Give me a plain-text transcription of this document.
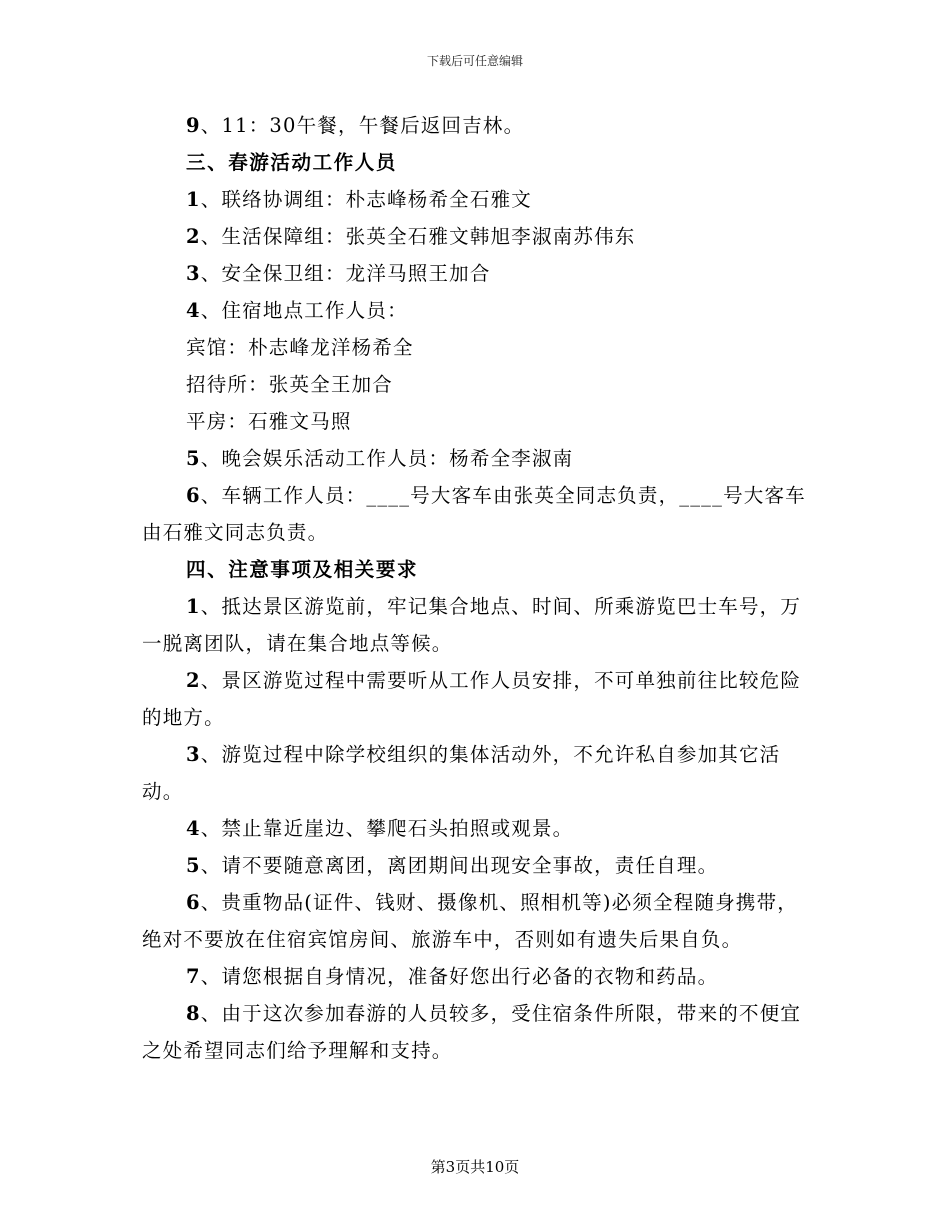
下载后可任意编辑

9、11：30午餐，午餐后返回吉林。

三、春游活动工作人员

1、联络协调组：朴志峰杨希全石雅文

2、生活保障组：张英全石雅文韩旭李淑南苏伟东

3、安全保卫组：龙洋马照王加合

4、住宿地点工作人员：

宾馆：朴志峰龙洋杨希全

招待所：张英全王加合

平房：石雅文马照

5、晚会娱乐活动工作人员：杨希全李淑南

6、车辆工作人员：____号大客车由张英全同志负责，____号大客车由石雅文同志负责。

四、注意事项及相关要求

1、抵达景区游览前，牢记集合地点、时间、所乘游览巴士车号，万一脱离团队，请在集合地点等候。

2、景区游览过程中需要听从工作人员安排，不可单独前往比较危险的地方。

3、游览过程中除学校组织的集体活动外，不允许私自参加其它活动。

4、禁止靠近崖边、攀爬石头拍照或观景。

5、请不要随意离团，离团期间出现安全事故，责任自理。

6、贵重物品(证件、钱财、摄像机、照相机等)必须全程随身携带，绝对不要放在住宿宾馆房间、旅游车中，否则如有遗失后果自负。

7、请您根据自身情况，准备好您出行必备的衣物和药品。

8、由于这次参加春游的人员较多，受住宿条件所限，带来的不便宜之处希望同志们给予理解和支持。

第3页共10页
